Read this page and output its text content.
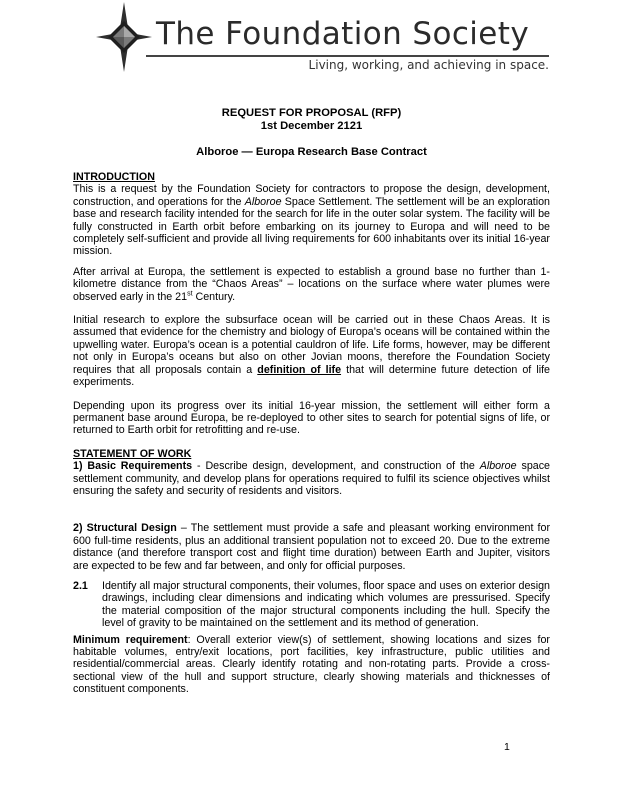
The Foundation Society
Living, working, and achieving in space.
REQUEST FOR PROPOSAL (RFP)
1st December 2121
Alboroe — Europa Research Base Contract
INTRODUCTION

This is a request by the Foundation Society for contractors to propose the design, development, construction, and operations for the Alboroe Space Settlement. The settlement will be an exploration base and research facility intended for the search for life in the outer solar system. The facility will be fully constructed in Earth orbit before embarking on its journey to Europa and will need to be completely self-sufficient and provide all living requirements for 600 inhabitants over its initial 16-year mission.

After arrival at Europa, the settlement is expected to establish a ground base no further than 1-kilometre distance from the “Chaos Areas” – locations on the surface where water plumes were observed early in the 21st Century.

Initial research to explore the subsurface ocean will be carried out in these Chaos Areas. It is assumed that evidence for the chemistry and biology of Europa’s oceans will be contained within the upwelling water. Europa’s ocean is a potential cauldron of life. Life forms, however, may be different not only in Europa’s oceans but also on other Jovian moons, therefore the Foundation Society requires that all proposals contain a definition of life that will determine future detection of life experiments.

Depending upon its progress over its initial 16-year mission, the settlement will either form a permanent base around Europa, be re-deployed to other sites to search for potential signs of life, or returned to Earth orbit for retrofitting and re-use.

STATEMENT OF WORK

1) Basic Requirements - Describe design, development, and construction of the Alboroe space settlement community, and develop plans for operations required to fulfil its science objectives whilst ensuring the safety and security of residents and visitors.

2) Structural Design – The settlement must provide a safe and pleasant working environment for 600 full-time residents, plus an additional transient population not to exceed 20. Due to the extreme distance (and therefore transport cost and flight time duration) between Earth and Jupiter, visitors are expected to be few and far between, and only for official purposes.

2.1	Identify all major structural components, their volumes, floor space and uses on exterior design drawings, including clear dimensions and indicating which volumes are pressurised. Specify the material composition of the major structural components including the hull. Specify the level of gravity to be maintained on the settlement and its method of generation.

Minimum requirement: Overall exterior view(s) of settlement, showing locations and sizes for habitable volumes, entry/exit locations, port facilities, key infrastructure, public utilities and residential/commercial areas. Clearly identify rotating and non-rotating parts. Provide a cross-sectional view of the hull and support structure, clearly showing materials and thicknesses of constituent components.

1
